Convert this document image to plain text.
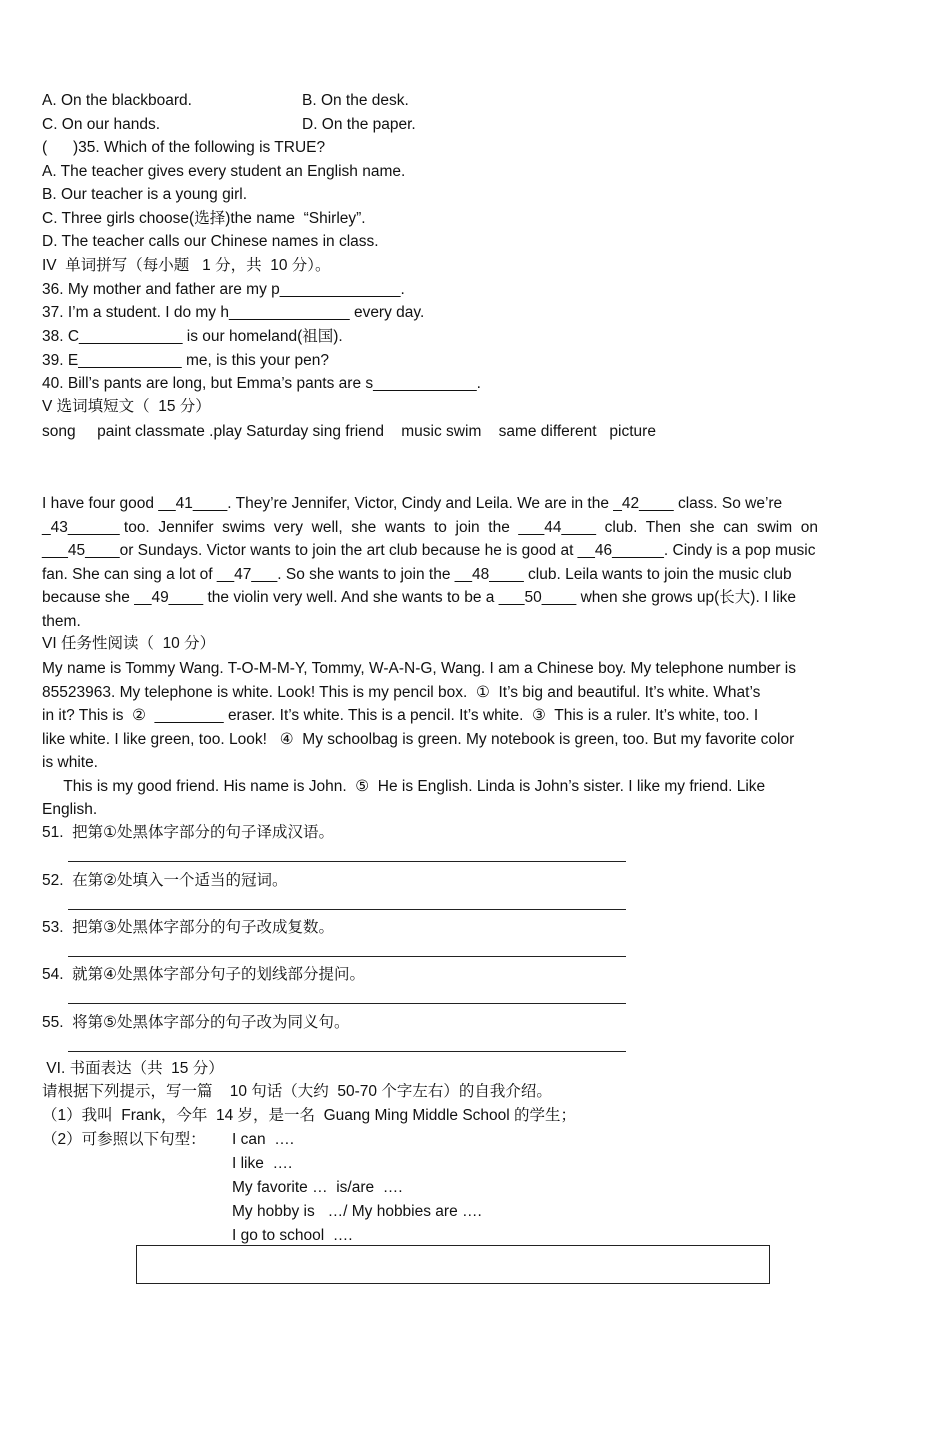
A. On the blackboard.	B. On the desk.
C. On our hands.	D. On the paper.
(      )35. Which of the following is TRUE?
A. The teacher gives every student an English name.
B. Our teacher is a young girl.
C. Three girls choose(选择)the name  “Shirley”.
D. The teacher calls our Chinese names in class.
IV  单词拼写（每小题   1 分，共  10 分）。
36. My mother and father are my p______________.
37. I’m a student. I do my h______________ every day.
38. C____________ is our homeland(祖国).
39. E____________ me, is this your pen?
40. Bill’s pants are long, but Emma’s pants are s____________.
V 选词填短文（  15 分）
song     paint classmate .play Saturday sing friend    music swim    same different   picture
I have four good __41____. They’re Jennifer, Victor, Cindy and Leila. We are in the _42____ class. So we’re
_43______ too.  Jennifer  swims  very  well,  she  wants  to  join  the  ___44____  club.  Then  she  can  swim  on
___45____or Sundays. Victor wants to join the art club because he is good at __46______. Cindy is a pop music
fan. She can sing a lot of __47___. So she wants to join the __48____ club. Leila wants to join the music club
because she __49____ the violin very well. And she wants to be a ___50____ when she grows up(长大). I like
them.
VI 任务性阅读（  10 分）
My name is Tommy Wang. T-O-M-M-Y, Tommy, W-A-N-G, Wang. I am a Chinese boy. My telephone number is
85523963. My telephone is white. Look! This is my pencil box.  ①  It’s big and beautiful. It’s white. What’s
in it? This is  ②  ________ eraser. It’s white. This is a pencil. It’s white.  ③  This is a ruler. It’s white, too. I
like white. I like green, too. Look!   ④  My schoolbag is green. My notebook is green, too. But my favorite color
is white.
This is my good friend. His name is John.  ⑤  He is English. Linda is John’s sister. I like my friend. Like
English.
51.  把第①处黑体字部分的句子译成汉语。
52.  在第②处填入一个适当的冠词。
53.  把第③处黑体字部分的句子改成复数。
54.  就第④处黑体字部分句子的划线部分提问。
55.  将第⑤处黑体字部分的句子改为同义句。
VI. 书面表达（共  15 分）
请根据下列提示，写一篇    10 句话（大约  50-70 个字左右）的自我介绍。
（1）我叫  Frank，今年  14 岁，是一名  Guang Ming Middle School 的学生；
（2）可参照以下句型： I can  ….
I like  ….
My favorite …  is/are  ….
My hobby is   …/ My hobbies are ….
I go to school  ….
